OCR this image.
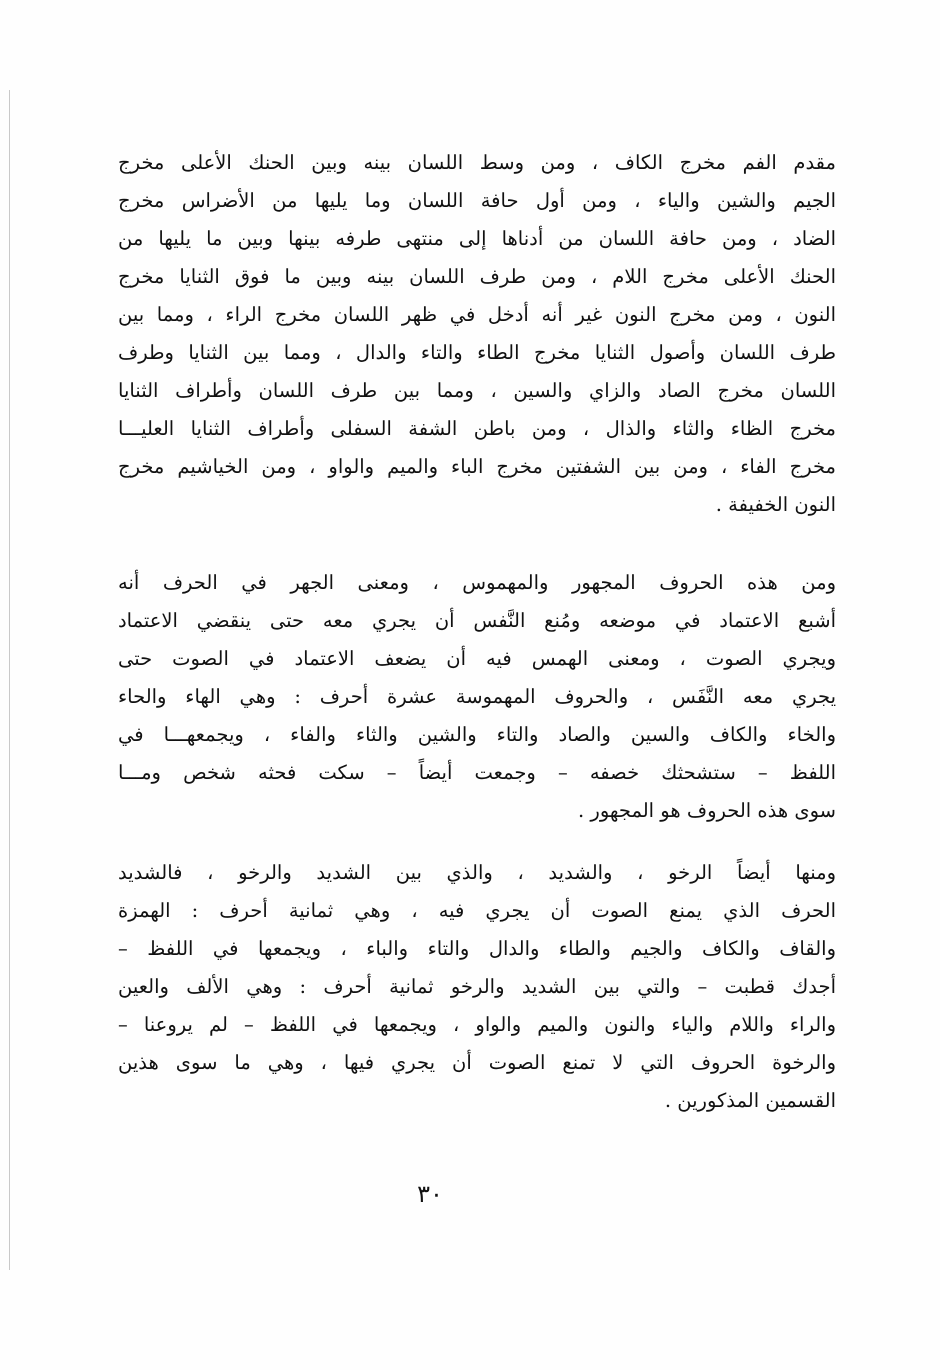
مقدم الفم مخرج الكاف ، ومن وسط اللسان بينه وبين الحنك الأعلى مخرج
الجيم والشين والياء ، ومن أول حافة اللسان وما يليها من الأضراس مخرج
الضاد ، ومن حافة اللسان من أدناها إلى منتهى طرفه بينها وبين ما يليها من
الحنك الأعلى مخرج اللام ، ومن طرف اللسان بينه وبين ما فوق الثنايا مخرج
النون ، ومن مخرج النون غير أنه أدخل في ظهر اللسان مخرج الراء ، ومما بين
طرف اللسان وأصول الثنايا مخرج الطاء والتاء والدال ، ومما بين الثنايا وطرف
اللسان مخرج الصاد والزاي والسين ، ومما بين طرف اللسان وأطراف الثنايا
مخرج الظاء والثاء والذال ، ومن باطن الشفة السفلى وأطراف الثنايا العليـــا
مخرج الفاء ، ومن بين الشفتين مخرج الباء والميم والواو ، ومن الخياشيم مخرج
النون الخفيفة .
ومن هذه الحروف المجهور والمهموس ، ومعنى الجهر في الحرف أنه
أشبع الاعتماد في موضعه ومُنع النَّفس أن يجري معه حتى ينقضي الاعتماد
ويجري الصوت ، ومعنى الهمس فيه أن يضعف الاعتماد في الصوت حتى
يجري معه النَّفَس ، والحروف المهموسة عشرة أحرف : وهي الهاء والحاء
والخاء والكاف والسين والصاد والتاء والشين والثاء والفاء ، ويجمعهـــا في
اللفظ – ستشحثك خصفه – وجمعت أيضاً – سكت فحثه شخص ومـــا
سوى هذه الحروف هو المجهور .
ومنها أيضاً الرخو ، والشديد ، والذي بين الشديد والرخو ، فالشديد
الحرف الذي يمنع الصوت أن يجري فيه ، وهي ثمانية أحرف : الهمزة
والقاف والكاف والجيم والطاء والدال والتاء والباء ، ويجمعها في اللفظ –
أجدك قطبت – والتي بين الشديد والرخو ثمانية أحرف : وهي الألف والعين
والراء واللام والياء والنون والميم والواو ، ويجمعها في اللفظ – لم يروعنا –
والرخوة الحروف التي لا تمنع الصوت أن يجري فيها ، وهي ما سوى هذين
القسمين المذكورين .
٣٠
